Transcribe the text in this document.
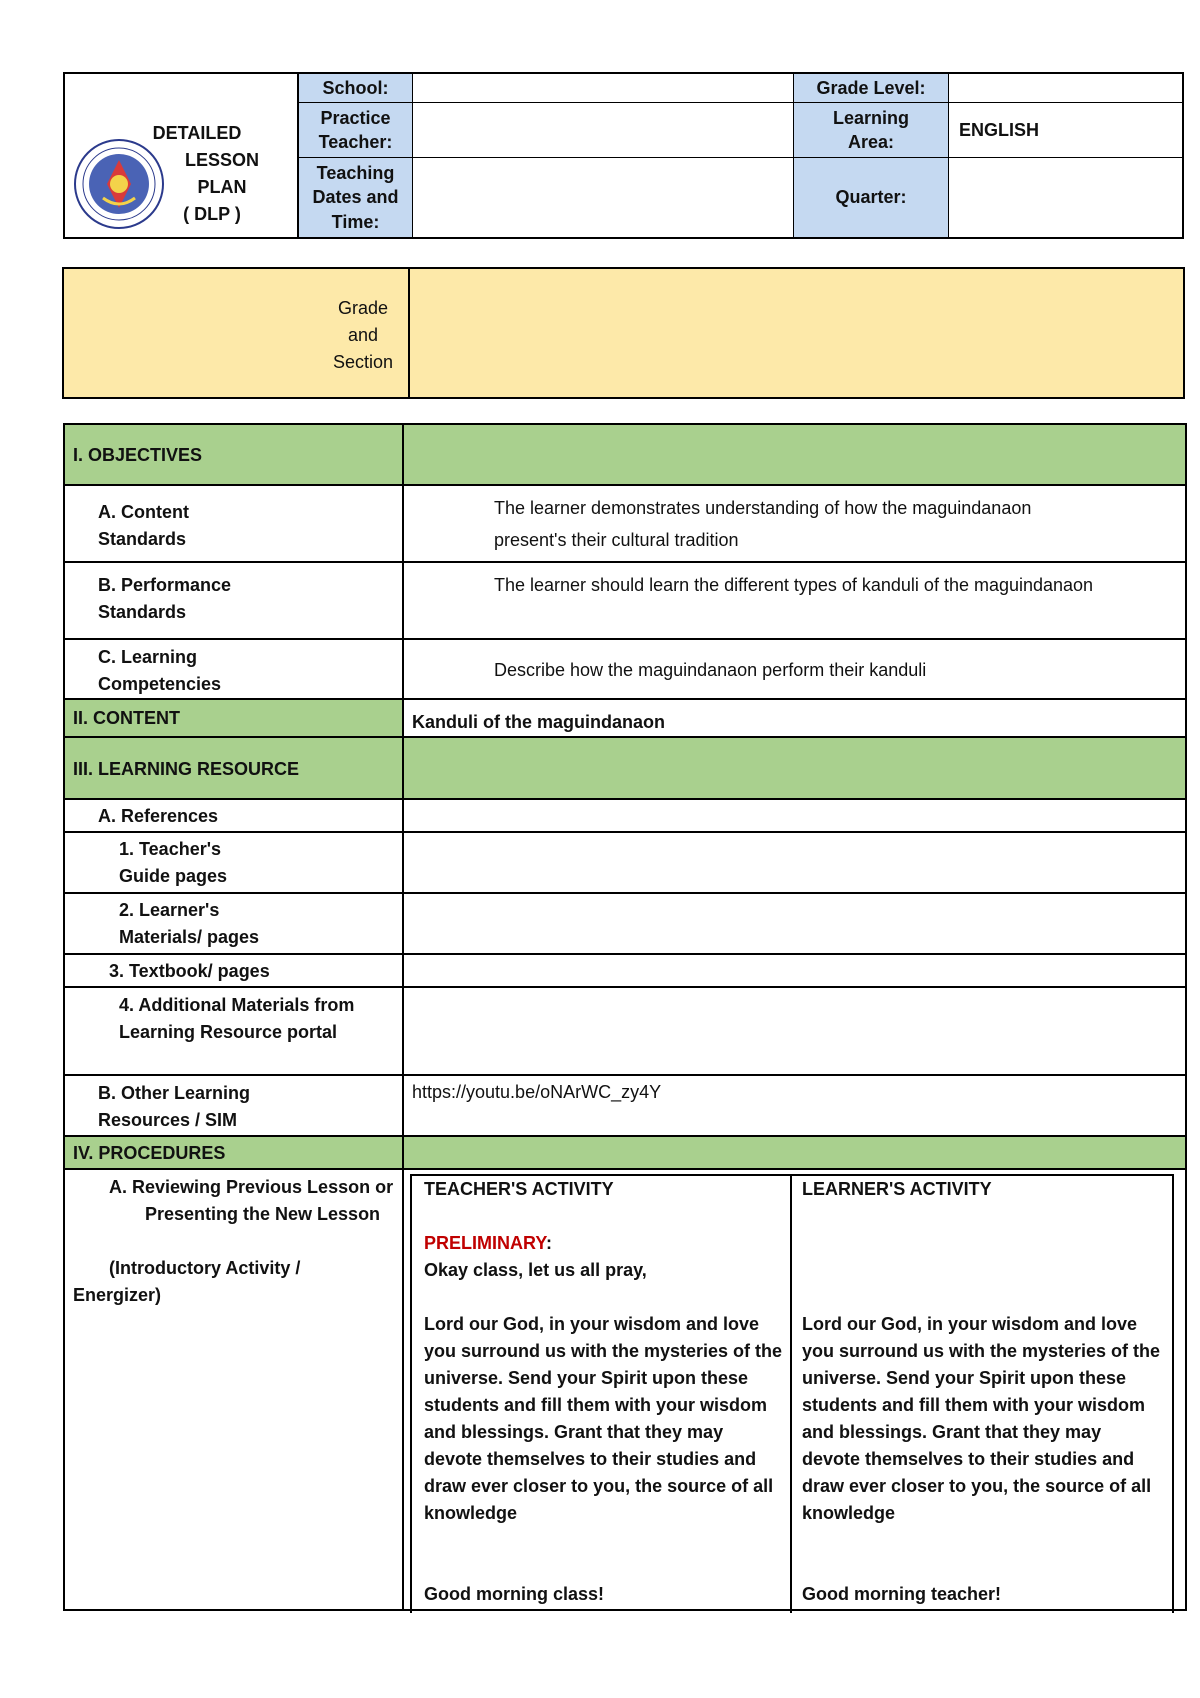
DETAILED
LESSON PLAN
( DLP )
School:
Practice Teacher:
Teaching Dates and Time:
Grade Level:
Learning Area:
Quarter:
ENGLISH
Grade and Section
I. OBJECTIVES
A. Content Standards
The learner demonstrates understanding of how the maguindanaon present's their cultural tradition
B. Performance Standards
The learner should learn the different types of kanduli of the maguindanaon
C. Learning Competencies
Describe how the maguindanaon perform their kanduli
II. CONTENT	Kanduli of the maguindanaon
III. LEARNING RESOURCE
A. References
1. Teacher's Guide pages
2. Learner's Materials/ pages
3. Textbook/ pages
4. Additional Materials from Learning Resource portal
B. Other Learning Resources / SIM
https://youtu.be/oNArWC_zy4Y
IV. PROCEDURES
A. Reviewing Previous Lesson or Presenting the New Lesson
(Introductory Activity / Energizer)
TEACHER'S ACTIVITY
PRELIMINARY:
Okay class, let us all pray,
Lord our God, in your wisdom and love you surround us with the mysteries of the universe. Send your Spirit upon these students and fill them with your wisdom and blessings. Grant that they may devote themselves to their studies and draw ever closer to you, the source of all knowledge
Good morning class!
LEARNER'S ACTIVITY
Lord our God, in your wisdom and love you surround us with the mysteries of the universe. Send your Spirit upon these students and fill them with your wisdom and blessings. Grant that they may devote themselves to their studies and draw ever closer to you, the source of all knowledge
Good morning teacher!
